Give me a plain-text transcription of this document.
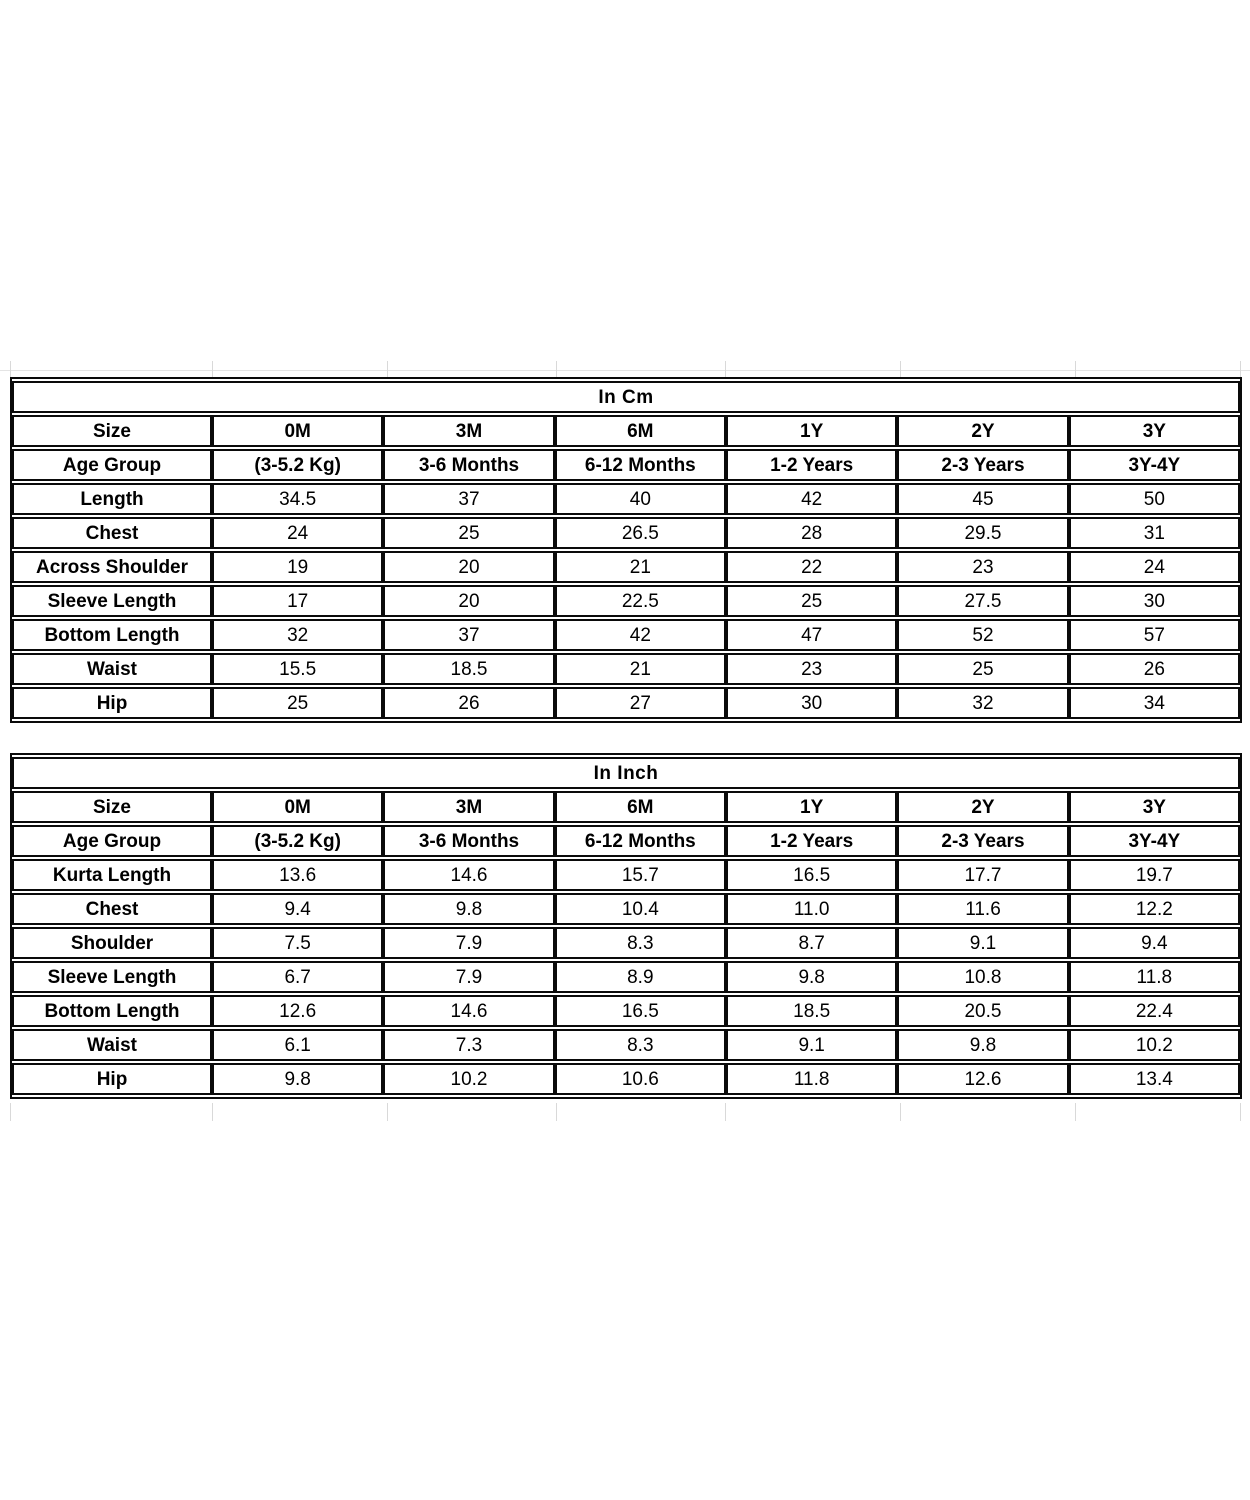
In Cm						
Size	0M	3M	6M	1Y	2Y	3Y
Age Group	(3-5.2 Kg)	3-6 Months	6-12 Months	1-2 Years	2-3 Years	3Y-4Y
Length	34.5	37	40	42	45	50
Chest	24	25	26.5	28	29.5	31
Across Shoulder	19	20	21	22	23	24
Sleeve Length	17	20	22.5	25	27.5	30
Bottom Length	32	37	42	47	52	57
Waist	15.5	18.5	21	23	25	26
Hip	25	26	27	30	32	34
In Inch						
Size	0M	3M	6M	1Y	2Y	3Y
Age Group	(3-5.2 Kg)	3-6 Months	6-12 Months	1-2 Years	2-3 Years	3Y-4Y
Kurta Length	13.6	14.6	15.7	16.5	17.7	19.7
Chest	9.4	9.8	10.4	11.0	11.6	12.2
Shoulder	7.5	7.9	8.3	8.7	9.1	9.4
Sleeve Length	6.7	7.9	8.9	9.8	10.8	11.8
Bottom Length	12.6	14.6	16.5	18.5	20.5	22.4
Waist	6.1	7.3	8.3	9.1	9.8	10.2
Hip	9.8	10.2	10.6	11.8	12.6	13.4
